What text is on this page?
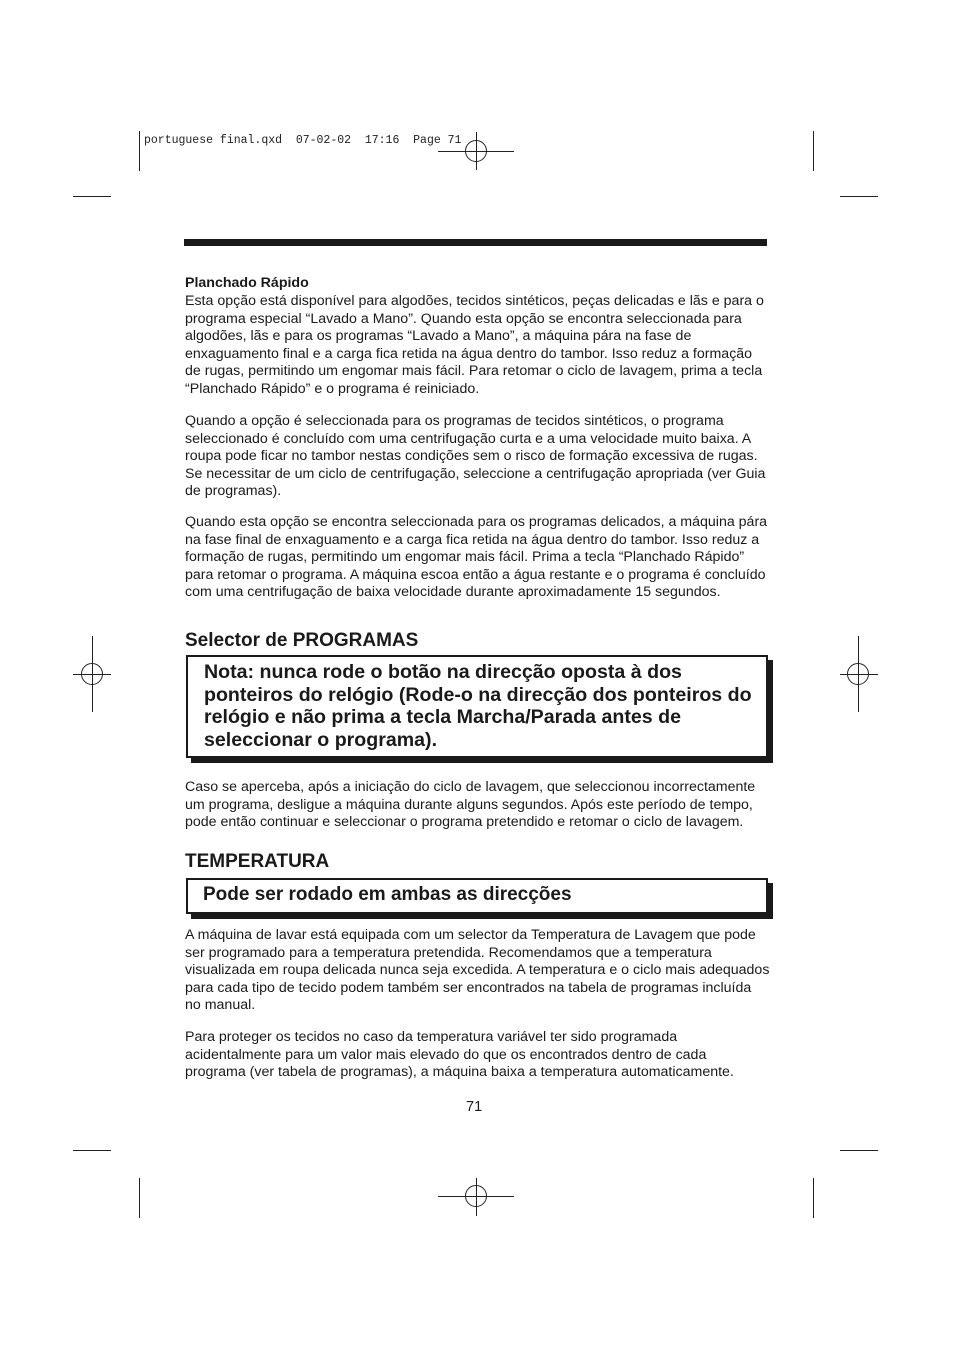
portuguese final.qxd  07-02-02  17:16  Page 71
Planchado Rápido

Esta opção está disponível para algodões, tecidos sintéticos, peças delicadas e lãs e para o programa especial “Lavado a Mano”. Quando esta opção se encontra seleccionada para algodões, lãs e para os programas “Lavado a Mano”, a máquina pára na fase de enxaguamento final e a carga fica retida na água dentro do tambor. Isso reduz a formação de rugas, permitindo um engomar mais fácil. Para retomar o ciclo de lavagem, prima a tecla “Planchado Rápido” e o programa é reiniciado.

Quando a opção é seleccionada para os programas de tecidos sintéticos, o programa seleccionado é concluído com uma centrifugação curta e a uma velocidade muito baixa. A roupa pode ficar no tambor nestas condições sem o risco de formação excessiva de rugas. Se necessitar de um ciclo de centrifugação, seleccione a centrifugação apropriada (ver Guia de programas).

Quando esta opção se encontra seleccionada para os programas delicados, a máquina pára na fase final de enxaguamento e a carga fica retida na água dentro do tambor. Isso reduz a formação de rugas, permitindo um engomar mais fácil. Prima a tecla “Planchado Rápido” para retomar o programa. A máquina escoa então a água restante e o programa é concluído com uma centrifugação de baixa velocidade durante aproximadamente 15 segundos.

Selector de PROGRAMAS
Nota: nunca rode o botão na direcção oposta à dos ponteiros do relógio (Rode-o na direcção dos ponteiros do relógio e não prima a tecla Marcha/Parada antes de seleccionar o programa).

Caso se aperceba, após a iniciação do ciclo de lavagem, que seleccionou incorrectamente um programa, desligue a máquina durante alguns segundos. Após este período de tempo, pode então continuar e seleccionar o programa pretendido e retomar o ciclo de lavagem.

TEMPERATURA
Pode ser rodado em ambas as direcções

A máquina de lavar está equipada com um selector da Temperatura de Lavagem que pode ser programado para a temperatura pretendida. Recomendamos que a temperatura visualizada em roupa delicada nunca seja excedida. A temperatura e o ciclo mais adequados para cada tipo de tecido podem também ser encontrados na tabela de programas incluída no manual.

Para proteger os tecidos no caso da temperatura variável ter sido programada acidentalmente para um valor mais elevado do que os encontrados dentro de cada programa (ver tabela de programas), a máquina baixa a temperatura automaticamente.

71
